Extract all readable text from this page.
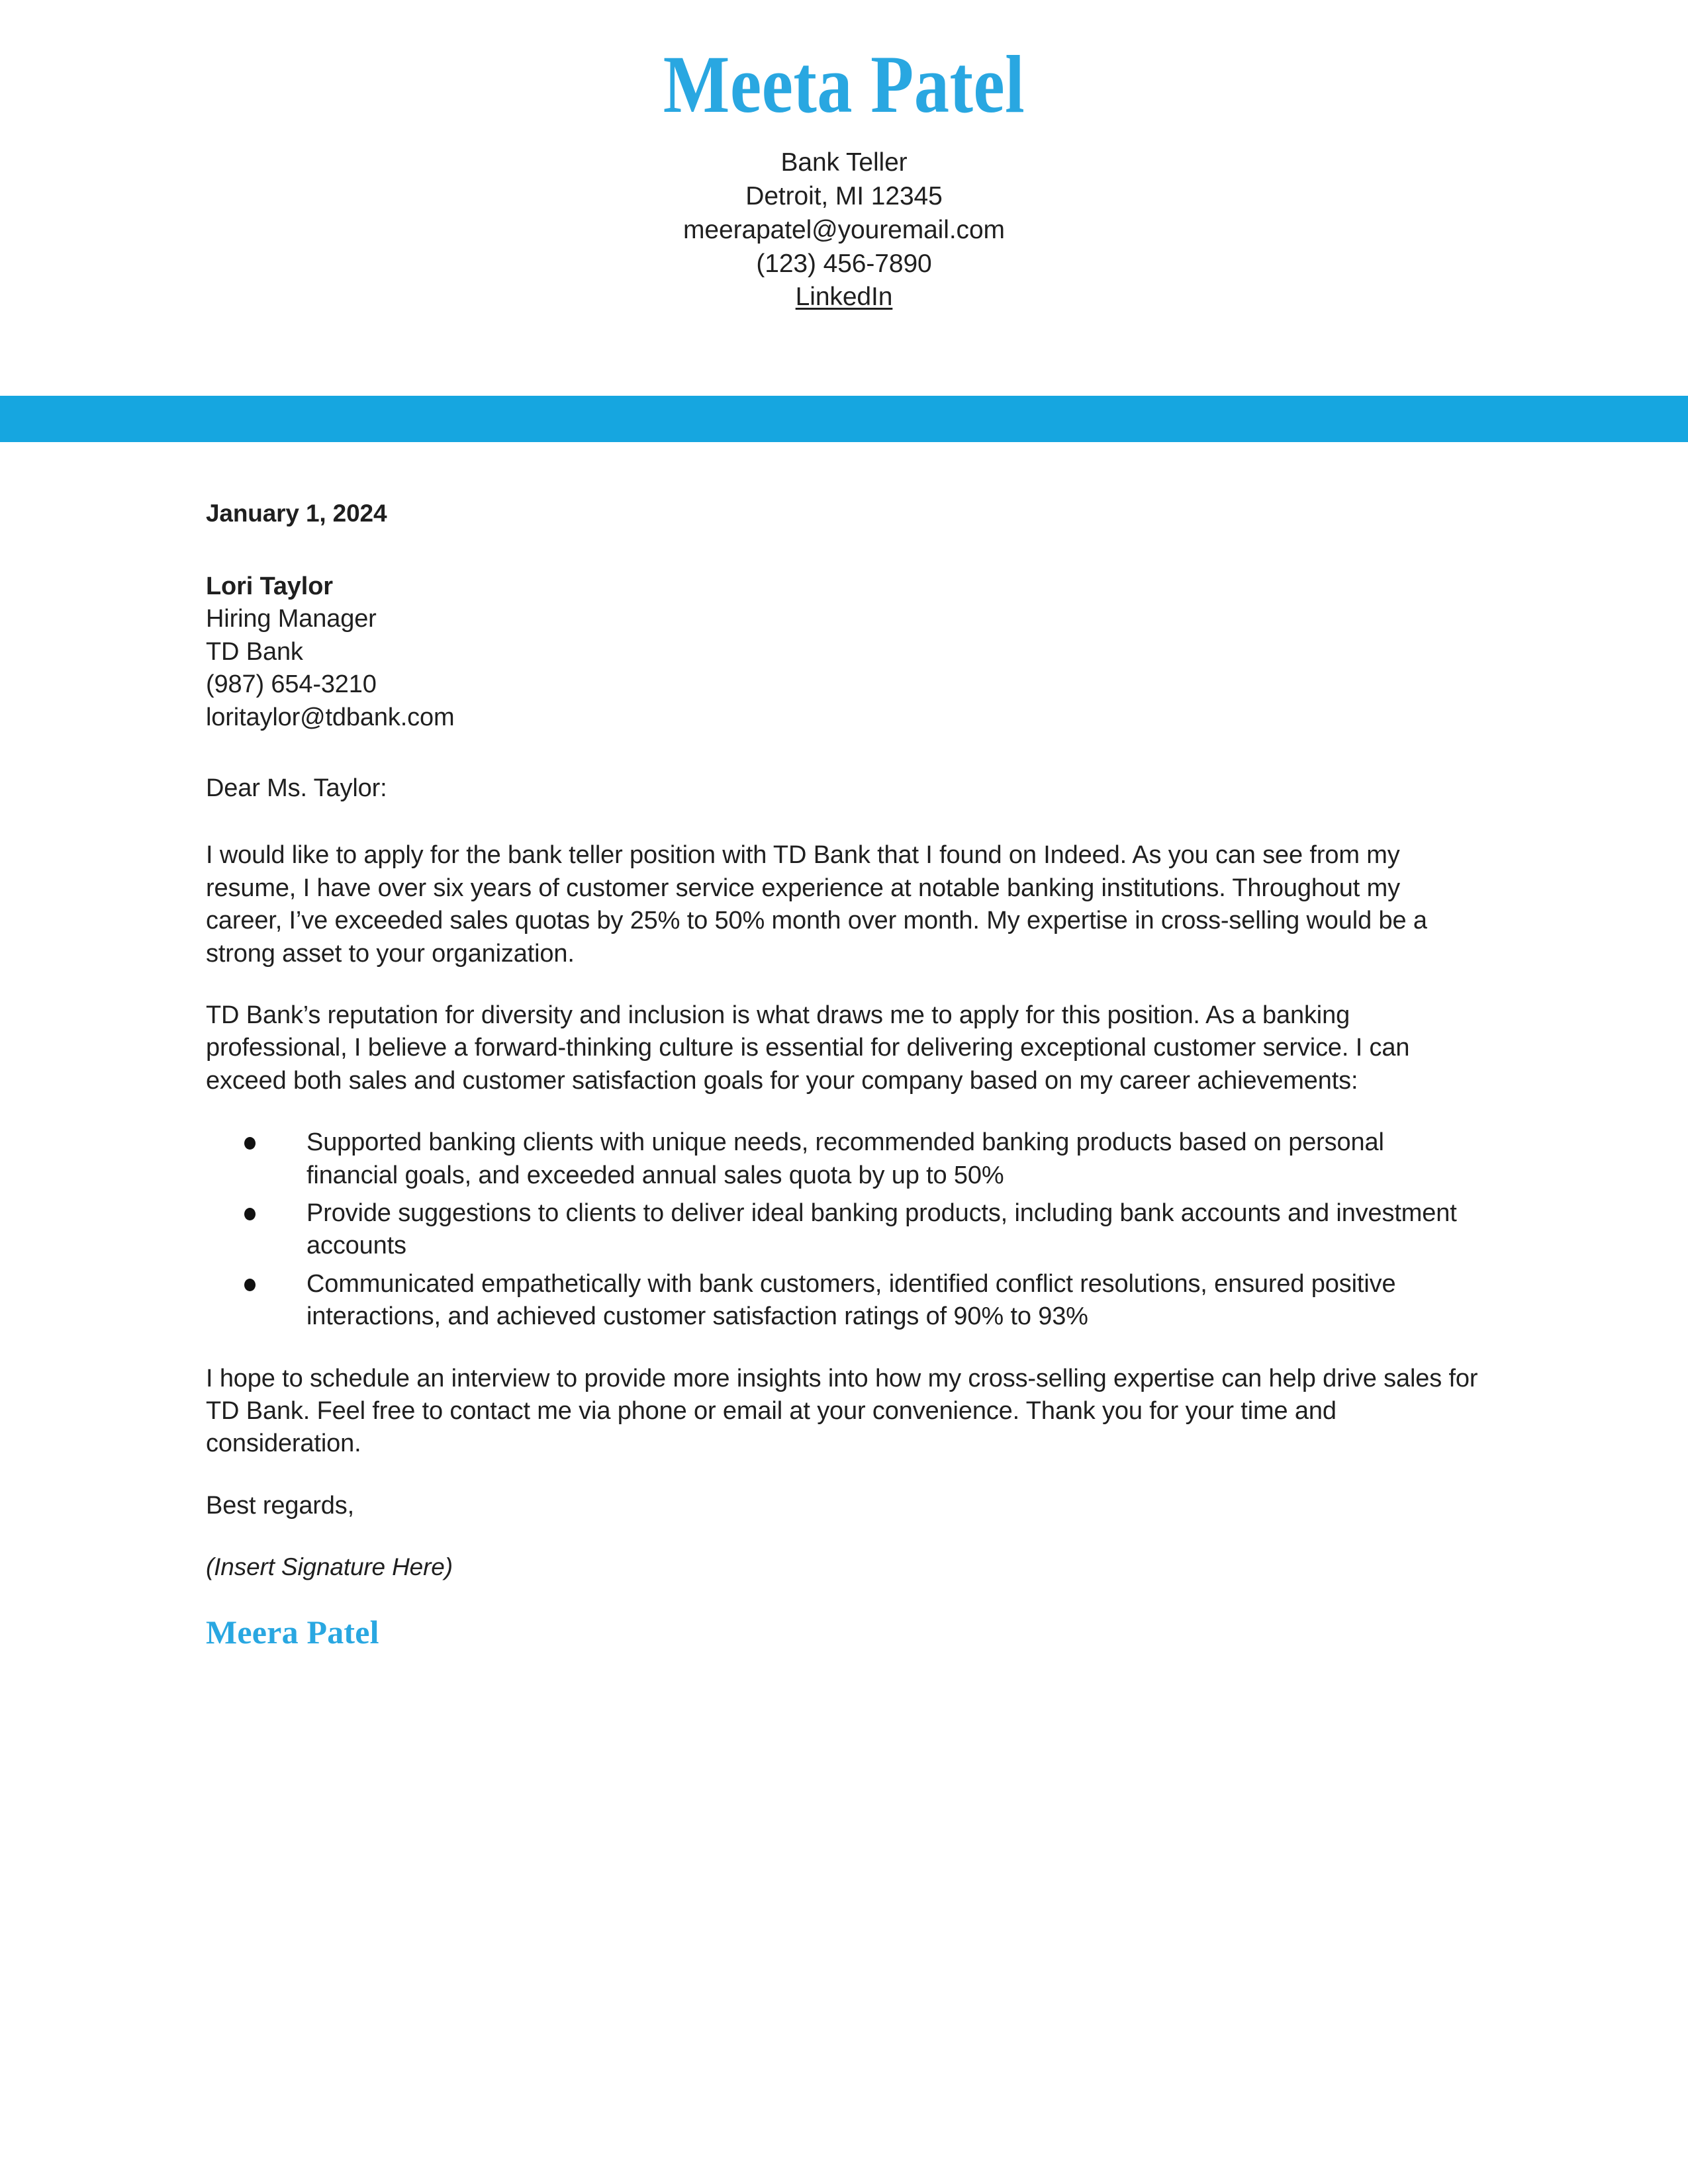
Meeta Patel
Bank Teller
Detroit, MI 12345
meerapatel@youremail.com
(123) 456-7890
LinkedIn

January 1, 2024

Lori Taylor
Hiring Manager
TD Bank
(987) 654-3210
loritaylor@tdbank.com

Dear Ms. Taylor:

I would like to apply for the bank teller position with TD Bank that I found on Indeed. As you can see from my resume, I have over six years of customer service experience at notable banking institutions. Throughout my career, I’ve exceeded sales quotas by 25% to 50% month over month. My expertise in cross-selling would be a strong asset to your organization.

TD Bank’s reputation for diversity and inclusion is what draws me to apply for this position. As a banking professional, I believe a forward-thinking culture is essential for delivering exceptional customer service. I can exceed both sales and customer satisfaction goals for your company based on my career achievements:

Supported banking clients with unique needs, recommended banking products based on personal financial goals, and exceeded annual sales quota by up to 50%
Provide suggestions to clients to deliver ideal banking products, including bank accounts and investment accounts
Communicated empathetically with bank customers, identified conflict resolutions, ensured positive interactions, and achieved customer satisfaction ratings of 90% to 93%

I hope to schedule an interview to provide more insights into how my cross-selling expertise can help drive sales for TD Bank. Feel free to contact me via phone or email at your convenience. Thank you for your time and consideration.

Best regards,

(Insert Signature Here)

Meera Patel
